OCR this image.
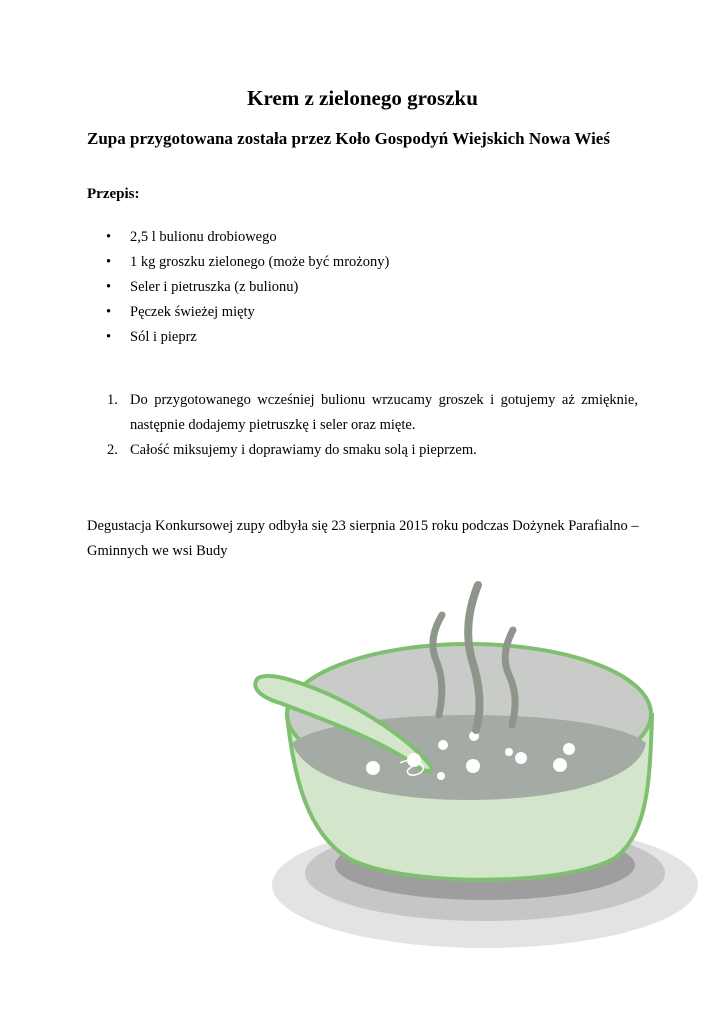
Krem z zielonego groszku
Zupa przygotowana została przez Koło Gospodyń Wiejskich Nowa Wieś

Przepis:

• 2,5 l bulionu drobiowego
• 1 kg groszku zielonego (może być mrożony)
• Seler i pietruszka (z bulionu)
• Pęczek świeżej mięty
• Sól i pieprz
1. Do przygotowanego wcześniej bulionu wrzucamy groszek i gotujemy aż zmięknie, następnie dodajemy pietruszkę i seler oraz mięte.
2. Całość miksujemy i doprawiamy do smaku solą i pieprzem.

Degustacja Konkursowej zupy odbyła się 23 sierpnia 2015 roku podczas Dożynek Parafialno – Gminnych we wsi Budy
